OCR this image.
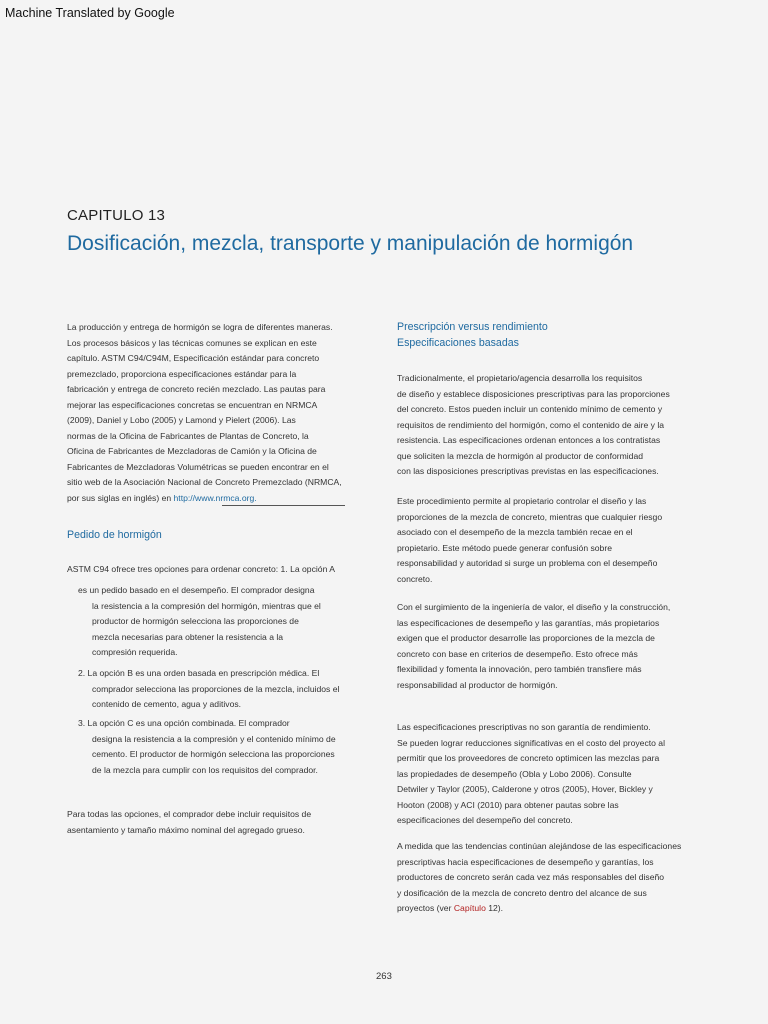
Machine Translated by Google
CAPITULO 13
Dosificación, mezcla, transporte y manipulación de hormigón
La producción y entrega de hormigón se logra de diferentes maneras.
Los procesos básicos y las técnicas comunes se explican en este
capítulo. ASTM C94/C94M, Especificación estándar para concreto
premezclado, proporciona especificaciones estándar para la
fabricación y entrega de concreto recién mezclado. Las pautas para
mejorar las especificaciones concretas se encuentran en NRMCA
(2009), Daniel y Lobo (2005) y Lamond y Pielert (2006). Las
normas de la Oficina de Fabricantes de Plantas de Concreto, la
Oficina de Fabricantes de Mezcladoras de Camión y la Oficina de
Fabricantes de Mezcladoras Volumétricas se pueden encontrar en el
sitio web de la Asociación Nacional de Concreto Premezclado (NRMCA,
por sus siglas en inglés) en http://www.nrmca.org.
Pedido de hormigón
ASTM C94 ofrece tres opciones para ordenar concreto: 1. La opción A
es un pedido basado en el desempeño. El comprador designa
la resistencia a la compresión del hormigón, mientras que el
productor de hormigón selecciona las proporciones de
mezcla necesarias para obtener la resistencia a la
compresión requerida.
2. La opción B es una orden basada en prescripción médica. El
comprador selecciona las proporciones de la mezcla, incluidos el
contenido de cemento, agua y aditivos.
3. La opción C es una opción combinada. El comprador
designa la resistencia a la compresión y el contenido mínimo de
cemento. El productor de hormigón selecciona las proporciones
de la mezcla para cumplir con los requisitos del comprador.
Para todas las opciones, el comprador debe incluir requisitos de
asentamiento y tamaño máximo nominal del agregado grueso.
Prescripción versus rendimiento
Especificaciones basadas
Tradicionalmente, el propietario/agencia desarrolla los requisitos
de diseño y establece disposiciones prescriptivas para las proporciones
del concreto. Estos pueden incluir un contenido mínimo de cemento y
requisitos de rendimiento del hormigón, como el contenido de aire y la
resistencia. Las especificaciones ordenan entonces a los contratistas
que soliciten la mezcla de hormigón al productor de conformidad
con las disposiciones prescriptivas previstas en las especificaciones.
Este procedimiento permite al propietario controlar el diseño y las
proporciones de la mezcla de concreto, mientras que cualquier riesgo
asociado con el desempeño de la mezcla también recae en el
propietario. Este método puede generar confusión sobre
responsabilidad y autoridad si surge un problema con el desempeño
concreto.
Con el surgimiento de la ingeniería de valor, el diseño y la construcción,
las especificaciones de desempeño y las garantías, más propietarios
exigen que el productor desarrolle las proporciones de la mezcla de
concreto con base en criterios de desempeño. Esto ofrece más
flexibilidad y fomenta la innovación, pero también transfiere más
responsabilidad al productor de hormigón.
Las especificaciones prescriptivas no son garantía de rendimiento.
Se pueden lograr reducciones significativas en el costo del proyecto al
permitir que los proveedores de concreto optimicen las mezclas para
las propiedades de desempeño (Obla y Lobo 2006). Consulte
Detwiler y Taylor (2005), Calderone y otros (2005), Hover, Bickley y
Hooton (2008) y ACI (2010) para obtener pautas sobre las
especificaciones del desempeño del concreto.
A medida que las tendencias continúan alejándose de las especificaciones
prescriptivas hacia especificaciones de desempeño y garantías, los
productores de concreto serán cada vez más responsables del diseño
y dosificación de la mezcla de concreto dentro del alcance de sus
proyectos (ver Capítulo 12).
263
